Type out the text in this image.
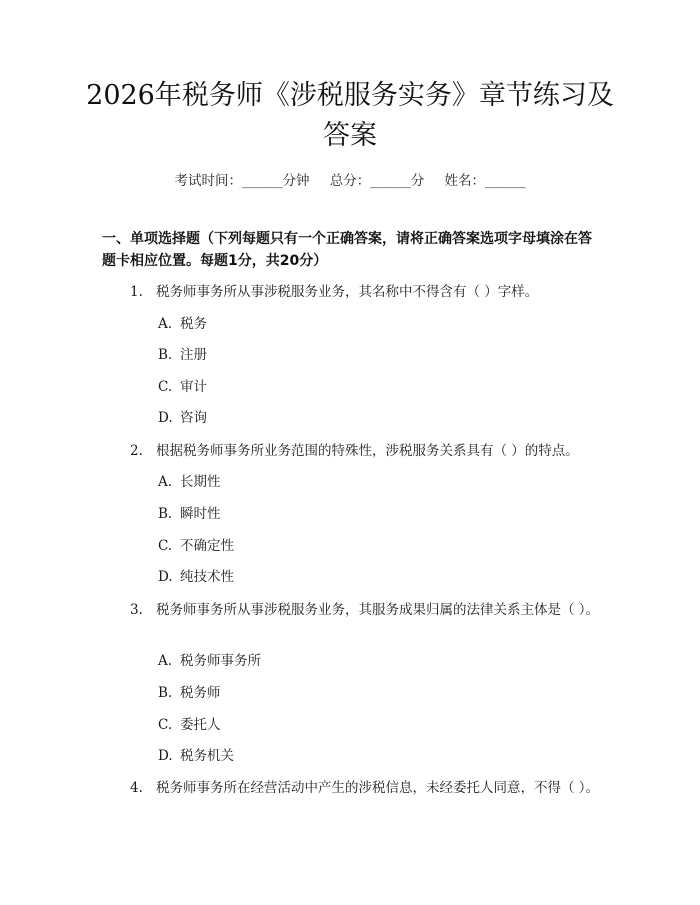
2026年税务师《涉税服务实务》章节练习及答案
考试时间：______分钟 总分：______分 姓名：______
一、单项选择题（下列每题只有一个正确答案，请将正确答案选项字母填涂在答题卡相应位置。每题1分，共20分）
1. 税务师事务所从事涉税服务业务，其名称中不得含有（ ）字样。
A. 税务
B. 注册
C. 审计
D. 咨询
2. 根据税务师事务所业务范围的特殊性，涉税服务关系具有（ ）的特点。
A. 长期性
B. 瞬时性
C. 不确定性
D. 纯技术性
3. 税务师事务所从事涉税服务业务，其服务成果归属的法律关系主体是（ ）。
A. 税务师事务所
B. 税务师
C. 委托人
D. 税务机关
4. 税务师事务所在经营活动中产生的涉税信息，未经委托人同意，不得（ ）。
